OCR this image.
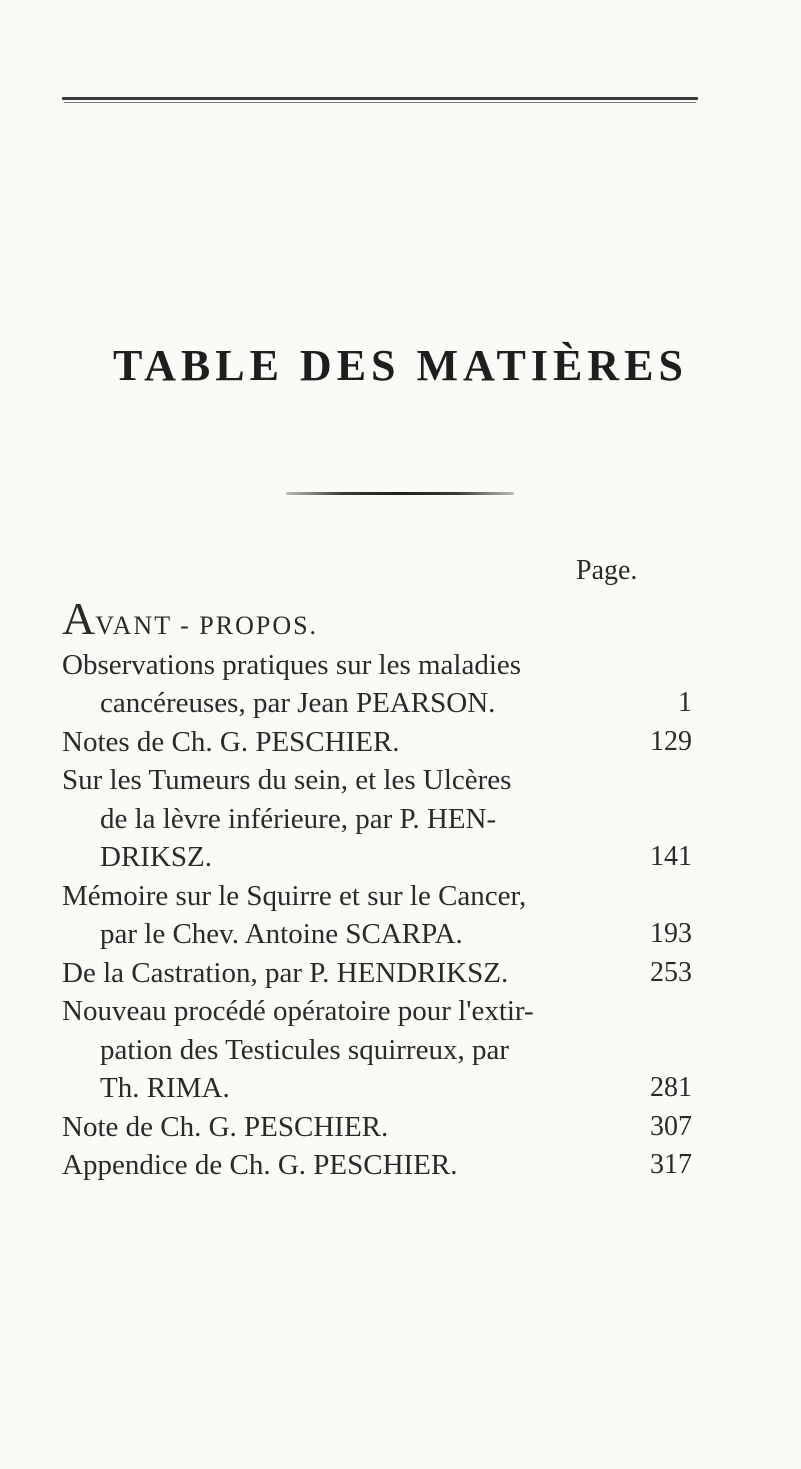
TABLE DES MATIÈRES
Page.
AVANT - PROPOS.
Observations pratiques sur les maladies
cancéreuses, par Jean PEARSON.	1
Notes de Ch. G. PESCHIER.	129
Sur les Tumeurs du sein, et les Ulcères
de la lèvre inférieure, par P. HEN-
DRIKSZ.	141
Mémoire sur le Squirre et sur le Cancer,
par le Chev. Antoine SCARPA.	193
De la Castration, par P. HENDRIKSZ.	253
Nouveau procédé opératoire pour l'extir-
pation des Testicules squirreux, par
Th. RIMA.	281
Note de Ch. G. PESCHIER.	307
Appendice de Ch. G. PESCHIER.	317
